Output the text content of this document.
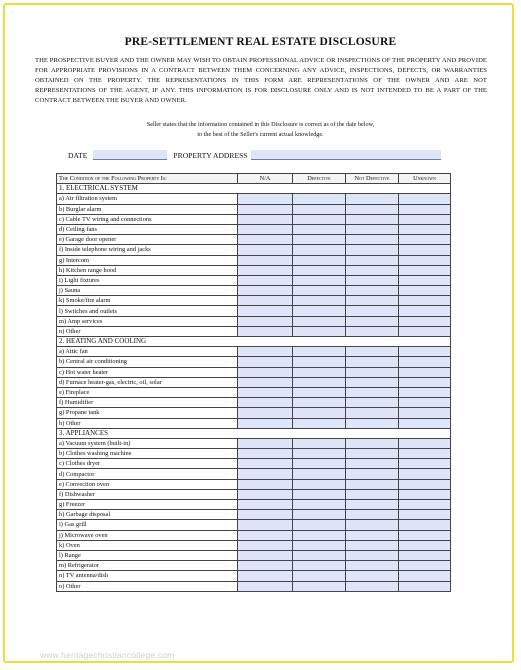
PRE-SETTLEMENT REAL ESTATE DISCLOSURE
THE PROSPECTIVE BUYER AND THE OWNER MAY WISH TO OBTAIN PROFESSIONAL ADVICE OR INSPECTIONS OF THE PROPERTY AND PROVIDE FOR APPROPRIATE PROVISIONS IN A CONTRACT BETWEEN THEM CONCERNING ANY ADVICE, INSPECTIONS, DEFECTS, OR WARRANTIES OBTAINED ON THE PROPERTY. THE REPRESENTATIONS IN THIS FORM ARE REPRESENTATIONS OF THE OWNER AND ARE NOT REPRESENTATIONS OF THE AGENT, IF ANY. THIS INFORMATION IS FOR DISCLOSURE ONLY AND IS NOT INTENDED TO BE A PART OF THE CONTRACT BETWEEN THE BUYER AND OWNER.
Seller states that the information contained in this Disclosure is correct as of the date below,
to the best of the Seller's current actual knowledge.
DATE	PROPERTY ADDRESS
The Condition of the Following Property Is:	N/A	Defective	Not Defective	Unknown
1. ELECTRICAL SYSTEM				
a) Air filtration system				
b) Burglar alarm				
c) Cable TV wiring and connections				
d) Ceiling fans				
e) Garage door opener				
f) Inside telephone wiring and jacks				
g) Intercom				
h) Kitchen range hood				
i) Light fixtures				
j) Sauna				
k) Smoke/fire alarm				
l) Switches and outlets				
m) Amp services				
n) Other				
2. HEATING AND COOLING				
a) Attic fan				
b) Central air conditioning				
c) Hot water heater				
d) Furnace heater-gas, electric, oil, solar				
e) Fireplace				
f) Humidifier				
g) Propane tank				
h) Other				
3. APPLIANCES				
a) Vacuum system (built-in)				
b) Clothes washing machine				
c) Clothes dryer				
d) Compactor				
e) Convection oven				
f) Dishwasher				
g) Freezer				
h) Garbage disposal				
i) Gas grill				
j) Microwave oven				
k) Oven				
l) Range				
m) Refrigerator				
n) TV antenna/dish				
o) Other				
www.heritagechristiancollege.com
